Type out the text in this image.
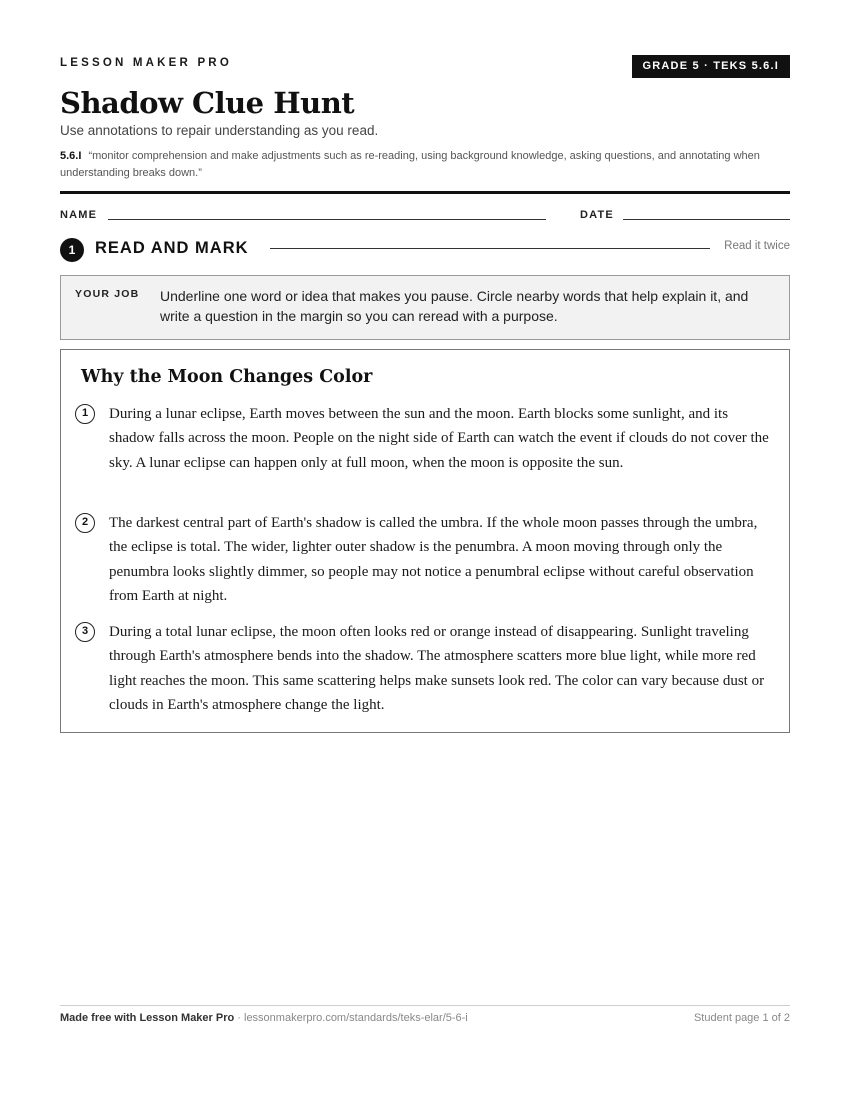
LESSON MAKER PRO	GRADE 5 · TEKS 5.6.I
Shadow Clue Hunt
Use annotations to repair understanding as you read.
5.6.I “monitor comprehension and make adjustments such as re-reading, using background knowledge, asking questions, and annotating when understanding breaks down.”
NAME	DATE
1	READ AND MARK	Read it twice
YOUR JOB Underline one word or idea that makes you pause. Circle nearby words that help explain it, and write a question in the margin so you can reread with a purpose.
Why the Moon Changes Color
1	During a lunar eclipse, Earth moves between the sun and the moon. Earth blocks some sunlight, and its shadow falls across the moon. People on the night side of Earth can watch the event if clouds do not cover the sky. A lunar eclipse can happen only at full moon, when the moon is opposite the sun.
2	The darkest central part of Earth's shadow is called the umbra. If the whole moon passes through the umbra, the eclipse is total. The wider, lighter outer shadow is the penumbra. A moon moving through only the penumbra looks slightly dimmer, so people may not notice a penumbral eclipse without careful observation from Earth at night.
3	During a total lunar eclipse, the moon often looks red or orange instead of disappearing. Sunlight traveling through Earth's atmosphere bends into the shadow. The atmosphere scatters more blue light, while more red light reaches the moon. This same scattering helps make sunsets look red. The color can vary because dust or clouds in Earth's atmosphere change the light.
Made free with Lesson Maker Pro · lessonmakerpro.com/standards/teks-elar/5-6-i	Student page 1 of 2
